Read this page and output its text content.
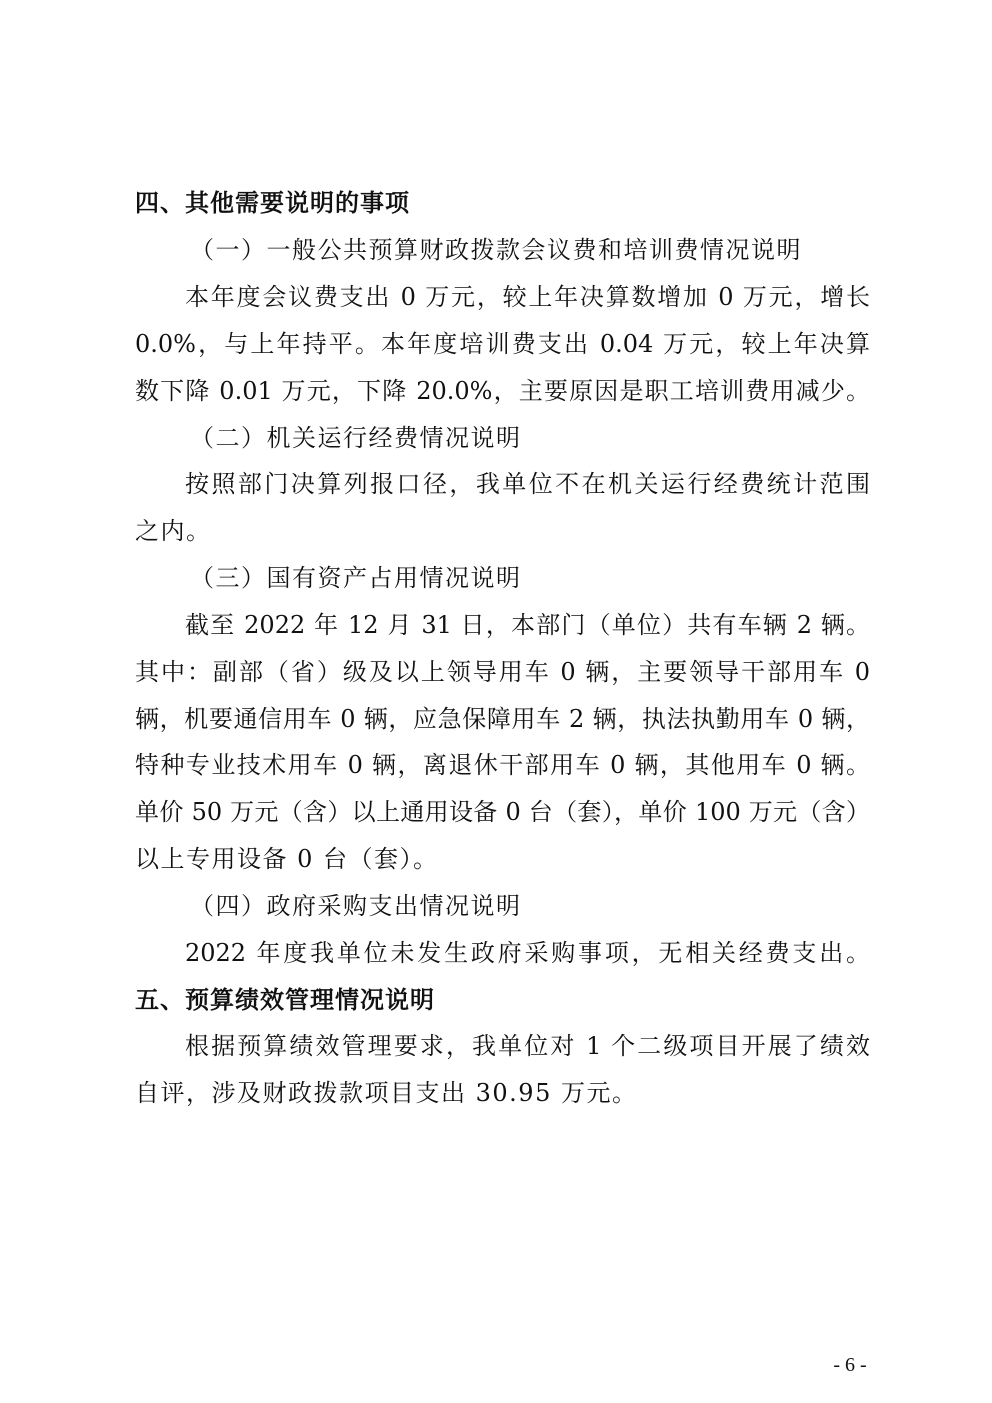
四、其他需要说明的事项
（一）一般公共预算财政拨款会议费和培训费情况说明
本年度会议费支出 0 万元，较上年决算数增加 0 万元，增长
0.0%，与上年持平。本年度培训费支出 0.04 万元，较上年决算
数下降 0.01 万元，下降 20.0%，主要原因是职工培训费用减少。
（二）机关运行经费情况说明
按照部门决算列报口径，我单位不在机关运行经费统计范围
之内。
（三）国有资产占用情况说明
截至 2022 年 12 月 31 日，本部门（单位）共有车辆 2 辆。
其中：副部（省）级及以上领导用车 0 辆，主要领导干部用车 0
辆，机要通信用车 0 辆，应急保障用车 2 辆，执法执勤用车 0 辆，
特种专业技术用车 0 辆，离退休干部用车 0 辆，其他用车 0 辆。
单价 50 万元（含）以上通用设备 0 台（套），单价 100 万元（含）
以上专用设备 0 台（套）。
（四）政府采购支出情况说明
2022 年度我单位未发生政府采购事项，无相关经费支出。
五、预算绩效管理情况说明
根据预算绩效管理要求，我单位对 1 个二级项目开展了绩效
自评，涉及财政拨款项目支出 30.95 万元。
- 6 -
